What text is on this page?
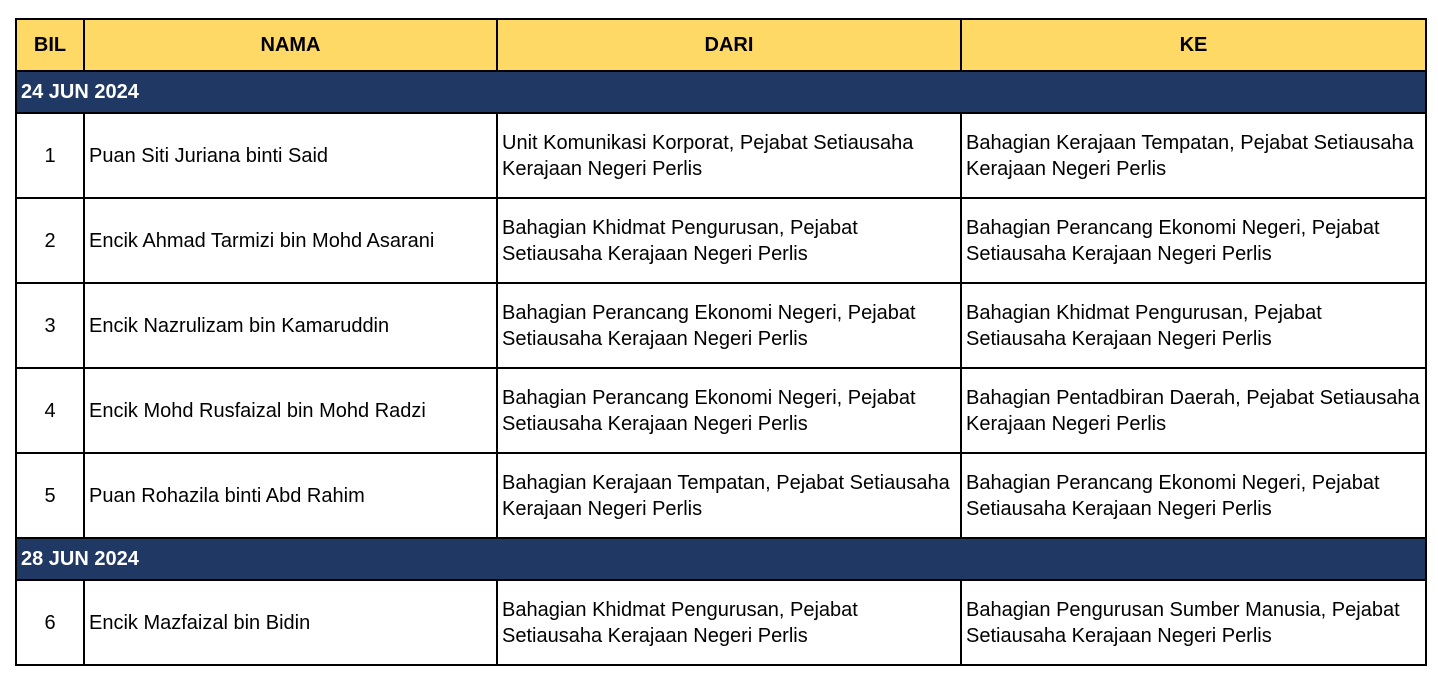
BIL	NAMA	DARI	KE
24 JUN 2024			
1	Puan Siti Juriana binti Said	Unit Komunikasi Korporat, Pejabat Setiausaha Kerajaan Negeri Perlis	Bahagian Kerajaan Tempatan, Pejabat Setiausaha Kerajaan Negeri Perlis
2	Encik Ahmad Tarmizi bin Mohd Asarani	Bahagian Khidmat Pengurusan, Pejabat Setiausaha Kerajaan Negeri Perlis	Bahagian Perancang Ekonomi Negeri, Pejabat Setiausaha Kerajaan Negeri Perlis
3	Encik Nazrulizam bin Kamaruddin	Bahagian Perancang Ekonomi Negeri, Pejabat Setiausaha Kerajaan Negeri Perlis	Bahagian Khidmat Pengurusan, Pejabat Setiausaha Kerajaan Negeri Perlis
4	Encik Mohd Rusfaizal bin Mohd Radzi	Bahagian Perancang Ekonomi Negeri, Pejabat Setiausaha Kerajaan Negeri Perlis	Bahagian Pentadbiran Daerah, Pejabat Setiausaha Kerajaan Negeri Perlis
5	Puan Rohazila binti Abd Rahim	Bahagian Kerajaan Tempatan, Pejabat Setiausaha Kerajaan Negeri Perlis	Bahagian Perancang Ekonomi Negeri, Pejabat Setiausaha Kerajaan Negeri Perlis
28 JUN 2024			
6	Encik Mazfaizal bin Bidin	Bahagian Khidmat Pengurusan, Pejabat Setiausaha Kerajaan Negeri Perlis	Bahagian Pengurusan Sumber Manusia, Pejabat Setiausaha Kerajaan Negeri Perlis
